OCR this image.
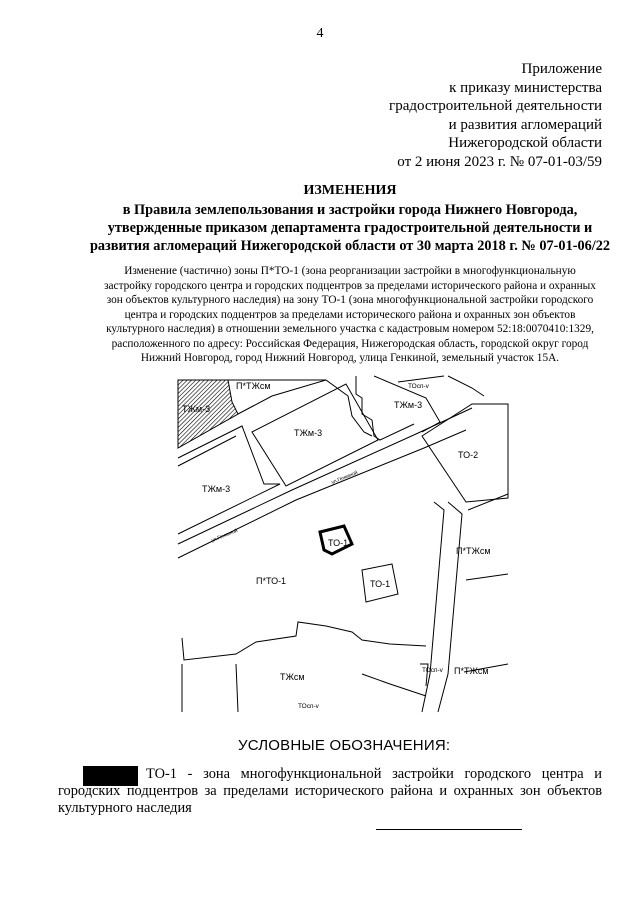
4
Приложение
к приказу министерства
градостроительной деятельности
и развития агломераций
Нижегородской области
от 2 июня 2023 г. № 07-01-03/59
ИЗМЕНЕНИЯ
в Правила землепользования и застройки города Нижнего Новгорода,
утвержденные приказом департамента градостроительной деятельности и
развития агломераций Нижегородской области от 30 марта 2018 г. № 07-01-06/22
Изменение (частично) зоны П*ТО-1 (зона реорганизации застройки в многофункциональную
застройку городского центра и городских подцентров за пределами исторического района и охранных
зон объектов культурного наследия) на зону ТО-1 (зона многофункциональной застройки городского
центра и городских подцентров за пределами исторического района и охранных зон объектов
культурного наследия) в отношении земельного участка с кадастровым номером 52:18:0070410:1329,
расположенного по адресу: Российская Федерация, Нижегородская область, городской округ город
Нижний Новгород, город Нижний Новгород, улица Генкиной, земельный участок 15А.
ТЖм-3
П*ТЖсм	ТОсп-v
ТЖм-3
ТЖм-3
ТО-2
ТЖм-3
ТО-1
П*ТЖсм
П*ТО-1	ТО-1
ТОсп-v П*ТЖсм
ТЖсм
ТОсп-v
ул.Генкиной
ул.Генкиной
УСЛОВНЫЕ ОБОЗНАЧЕНИЯ:
ТО-1 - зона многофункциональной застройки городского центра и городских подцентров за пределами исторического района и охранных зон объектов культурного наследия
